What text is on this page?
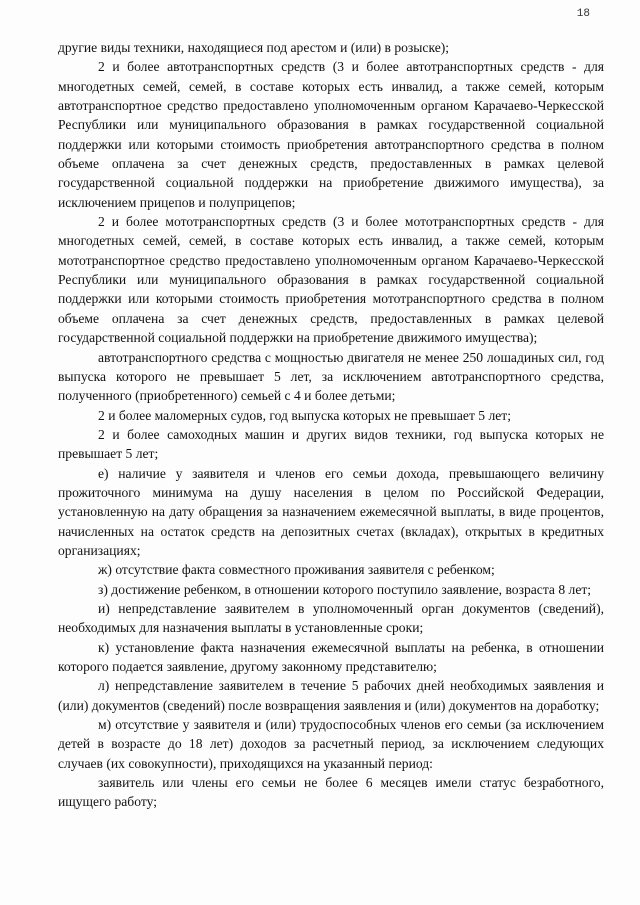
18

другие виды техники, находящиеся под арестом и (или) в розыске);

2 и более автотранспортных средств (3 и более автотранспортных средств - для многодетных семей, семей, в составе которых есть инвалид, а также семей, которым автотранспортное средство предоставлено уполномоченным органом Карачаево-Черкесской Республики или муниципального образования в рамках государственной социальной поддержки или которыми стоимость приобретения автотранспортного средства в полном объеме оплачена за счет денежных средств, предоставленных в рамках целевой государственной социальной поддержки на приобретение движимого имущества), за исключением прицепов и полуприцепов;

2 и более мототранспортных средств (3 и более мототранспортных средств - для многодетных семей, семей, в составе которых есть инвалид, а также семей, которым мототранспортное средство предоставлено уполномоченным органом Карачаево-Черкесской Республики или муниципального образования в рамках государственной социальной поддержки или которыми стоимость приобретения мототранспортного средства в полном объеме оплачена за счет денежных средств, предоставленных в рамках целевой государственной социальной поддержки на приобретение движимого имущества);

автотранспортного средства с мощностью двигателя не менее 250 лошадиных сил, год выпуска которого не превышает 5 лет, за исключением автотранспортного средства, полученного (приобретенного) семьей с 4 и более детьми;

2 и более маломерных судов, год выпуска которых не превышает 5 лет;

2 и более самоходных машин и других видов техники, год выпуска которых не превышает 5 лет;

е) наличие у заявителя и членов его семьи дохода, превышающего величину прожиточного минимума на душу населения в целом по Российской Федерации, установленную на дату обращения за назначением ежемесячной выплаты, в виде процентов, начисленных на остаток средств на депозитных счетах (вкладах), открытых в кредитных организациях;

ж) отсутствие факта совместного проживания заявителя с ребенком;

з) достижение ребенком, в отношении которого поступило заявление, возраста 8 лет;

и) непредставление заявителем в уполномоченный орган документов (сведений), необходимых для назначения выплаты в установленные сроки;

к) установление факта назначения ежемесячной выплаты на ребенка, в отношении которого подается заявление, другому законному представителю;

л) непредставление заявителем в течение 5 рабочих дней необходимых заявления и (или) документов (сведений) после возвращения заявления и (или) документов на доработку;

м) отсутствие у заявителя и (или) трудоспособных членов его семьи (за исключением детей в возрасте до 18 лет) доходов за расчетный период, за исключением следующих случаев (их совокупности), приходящихся на указанный период:

заявитель или члены его семьи не более 6 месяцев имели статус безработного, ищущего работу;
